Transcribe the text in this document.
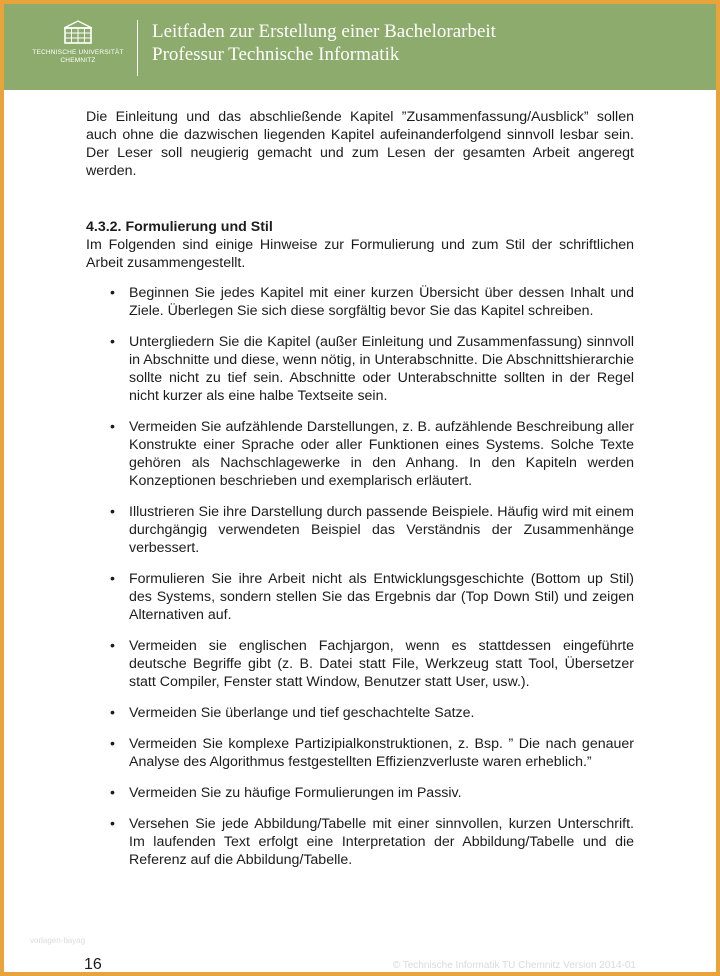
TECHNISCHE UNIVERSITÄT
CHEMNITZ
Leitfaden zur Erstellung einer Bachelorarbeit
Professur Technische Informatik

Die Einleitung und das abschließende Kapitel ”Zusammenfassung/Ausblick” sollen auch ohne die dazwischen liegenden Kapitel aufeinanderfolgend sinnvoll lesbar sein. Der Leser soll neugierig gemacht und zum Lesen der gesamten Arbeit angeregt werden.

4.3.2. Formulierung und Stil

Im Folgenden sind einige Hinweise zur Formulierung und zum Stil der schriftlichen Arbeit zusammengestellt.

• Beginnen Sie jedes Kapitel mit einer kurzen Übersicht über dessen Inhalt und Ziele. Überlegen Sie sich diese sorgfältig bevor Sie das Kapitel schreiben.
• Untergliedern Sie die Kapitel (außer Einleitung und Zusammenfassung) sinnvoll in Abschnitte und diese, wenn nötig, in Unterabschnitte. Die Abschnittshierarchie sollte nicht zu tief sein. Abschnitte oder Unterabschnitte sollten in der Regel nicht kurzer als eine halbe Textseite sein.
• Vermeiden Sie aufzählende Darstellungen, z. B. aufzählende Beschreibung aller Konstrukte einer Sprache oder aller Funktionen eines Systems. Solche Texte gehören als Nachschlagewerke in den Anhang. In den Kapiteln werden Konzeptionen beschrieben und exemplarisch erläutert.
• Illustrieren Sie ihre Darstellung durch passende Beispiele. Häufig wird mit einem durchgängig verwendeten Beispiel das Verständnis der Zusammenhänge verbessert.
• Formulieren Sie ihre Arbeit nicht als Entwicklungsgeschichte (Bottom up Stil) des Systems, sondern stellen Sie das Ergebnis dar (Top Down Stil) und zeigen Alternativen auf.
• Vermeiden sie englischen Fachjargon, wenn es stattdessen eingeführte deutsche Begriffe gibt (z. B. Datei statt File, Werkzeug statt Tool, Übersetzer statt Compiler, Fenster statt Window, Benutzer statt User, usw.).
• Vermeiden Sie überlange und tief geschachtelte Satze.
• Vermeiden Sie komplexe Partizipialkonstruktionen, z. Bsp. ” Die nach genauer Analyse des Algorithmus festgestellten Effizienzverluste waren erheblich.”
• Vermeiden Sie zu häufige Formulierungen im Passiv.
• Versehen Sie jede Abbildung/Tabelle mit einer sinnvollen, kurzen Unterschrift. Im laufenden Text erfolgt eine Interpretation der Abbildung/Tabelle und die Referenz auf die Abbildung/Tabelle.
vorlagen-bayag
16	© Technische Informatik TU Chemnitz Version 2014-01
